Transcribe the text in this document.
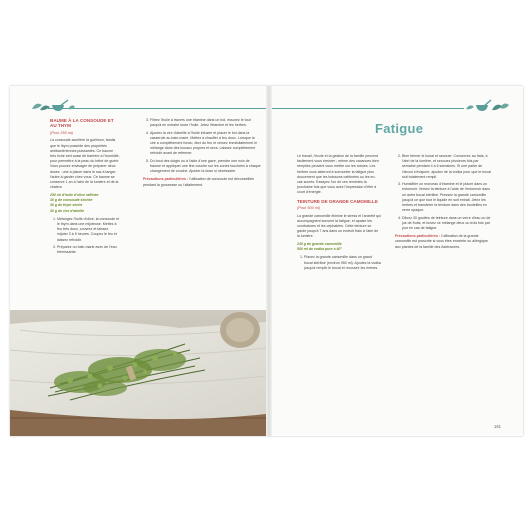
BAUME À LA CONSOUDE ET AU THYM

(Pour 250 ml)

La consoude accélère la guérison, tandis que le thym possède des propriétés antibactériennes puissantes. Ce baume très riche sert aussi de barrière à l'humidité, pour permettre à la peau du bébé de guérir. Vous pouvez envisager de préparer deux doses : une à placer dans le sac à langer, l'autre à garder chez vous. Ce baume se conserve 1 an à l'abri de la lumière et de la chaleur.

250 ml d'huile d'olive raffinée
30 g de consoude séchée
30 g de thym séché
30 g de cire d'abeille
1. Mélangez l'huile d'olive, la consoude et le thym dans une mijoteuse. Mettez à feu très doux, couvrez et laissez mijoter 3 à 5 heures. Coupez le feu et laissez refroidir.
2. Préparez un bain-marie avec de l'eau frémissante.
3. Filtrez l'huile à travers une étamine dans un bol, essorez le tout jusqu'à en extraire toute l'huile. Jetez l'étamine et les herbes.
4. Ajoutez la cire d'abeille à l'huile infusée et placer le bol dans la casserole au bain-marie. Mettez à chauffer à feu doux. Lorsque la cire a complètement fondu, ôtez du feu et versez immédiatement le mélange dans des bocaux propres et secs. Laissez complètement refroidir avant de refermer.
5. Du bout des doigts ou à l'aide d'une gaze, prendre une noix de baume et appliquer une fine couche sur les zones touchées à chaque changement de couche. Ajouter la dose si nécessaire.

Précautions particulières : l'utilisation de consoude est déconseillée pendant la grossesse ou l'allaitement.

Fatigue

Le travail, l'école et la gestion de la famille peuvent facilement vous éreinter ; même des vacances bien remplies peuvent vous mettre sur les rotules. Les herbes vous aideront à surmonter la fatigue plus doucement que les boissons caféinées ou les en-cas sucrés. Essayez l'un de ces remèdes la prochaine fois que vous avez l'impression d'être à court d'énergie.

TEINTURE DE GRANDE CAMOMILLE

(Pour 500 ml)

La grande camomille élimine le stress et l'anxiété qui accompagnent souvent la fatigue, et apaise les courbatures et les céphalées. Cette teinture se garde jusqu'à 7 ans dans un endroit frais à l'abri de la lumière.

240 g de grande camomille
500 ml de vodka pure à 40°
1. Placez la grande camomille dans un grand bocal stérilisé (environ 950 ml). Ajoutez la vodka jusqu'à remplir le bocal et recouvrir les herbes.
2. Bien fermer le bocal et secouer. Conservez au frais, à l'abri de la lumière, et secouez plusieurs fois par semaine pendant 4 à 6 semaines. Si une partie de l'alcool s'évapore, ajoutez de la vodka pour que le bocal soit totalement rempli.
3. Humidifier un morceau d'étamine et le placer dans un entonnoir. Versez la teinture à l'aide de l'entonnoir dans un autre bocal stérilisé. Pressez la grande camomille jusqu'à ce que tout le liquide en soit extrait. Jetez les herbes et transférer la teinture dans des bouteilles en verre opaque.
4. Diluez 30 gouttes de teinture dans un verre d'eau ou de jus de fruits, et buvez ce mélange deux ou trois fois par jour en cas de fatigue.

Précautions particulières : l'utilisation de la grande camomille est proscrite si vous êtes enceinte ou allergique aux plantes de la famille des Astéracées.

161
